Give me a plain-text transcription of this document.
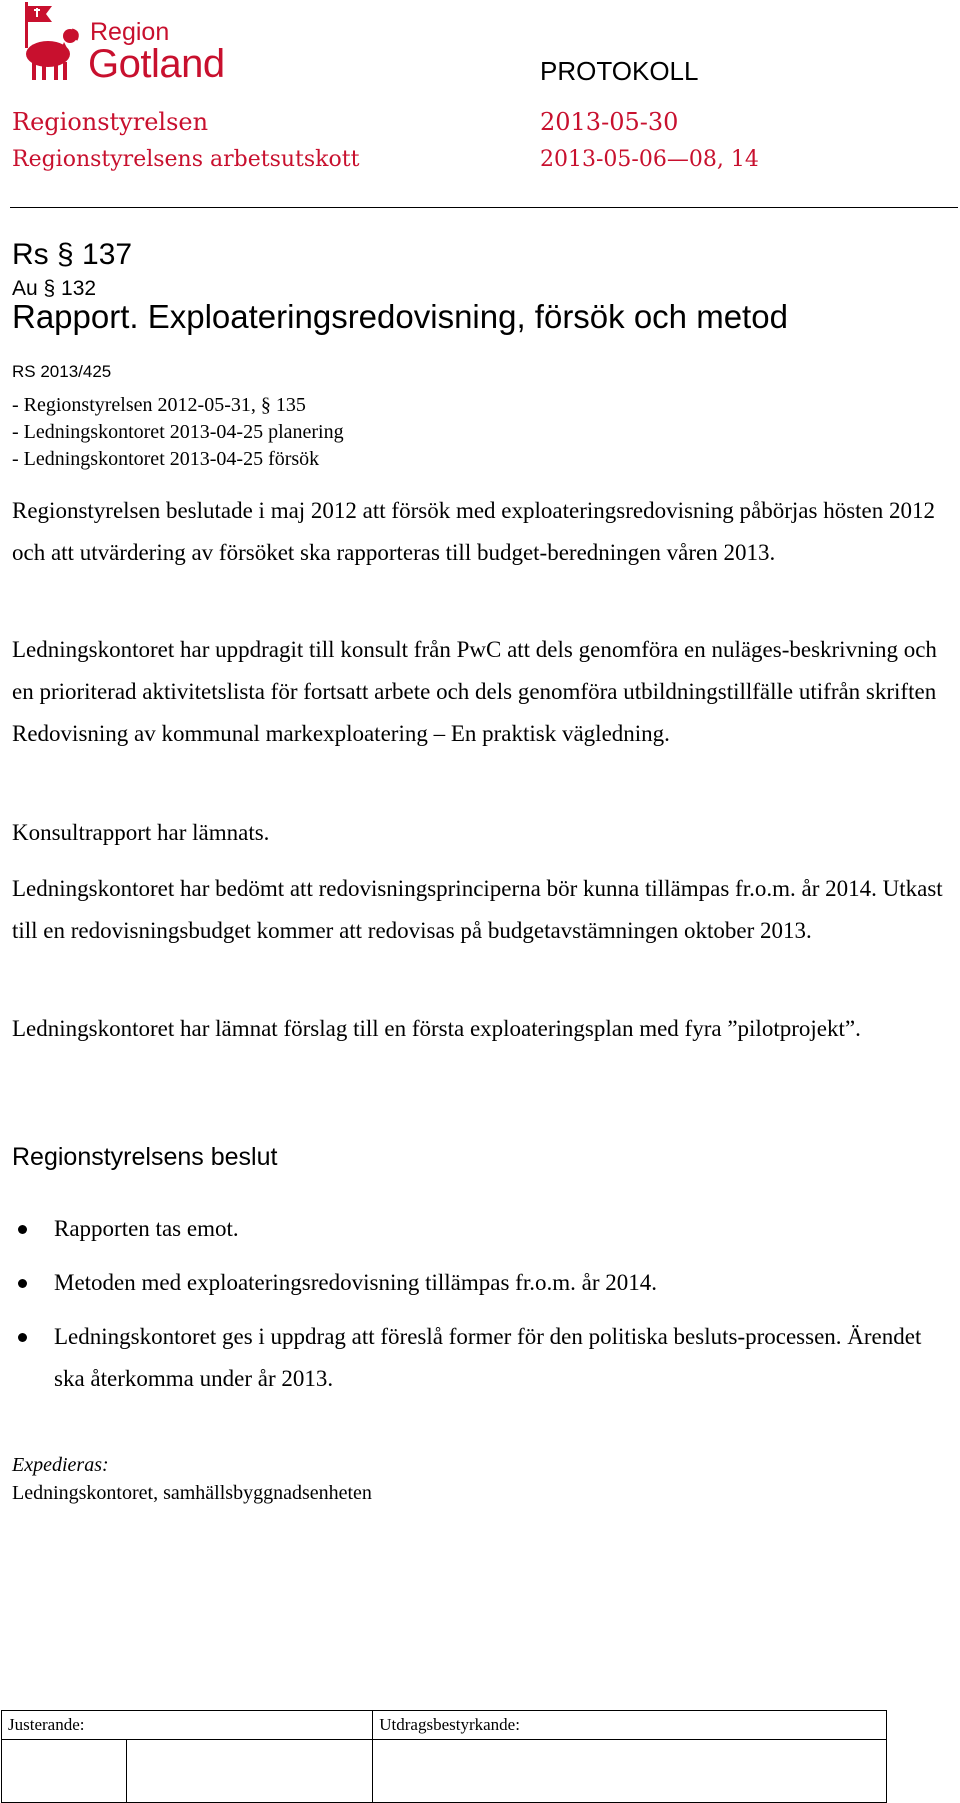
Region
Gotland	PROTOKOLL
Regionstyrelsen	2013-05-30
Regionstyrelsens arbetsutskott	2013-05-06—08, 14
Rs § 137
Au § 132
Rapport. Exploateringsredovisning, försök och metod
RS 2013/425
- Regionstyrelsen 2012-05-31, § 135
- Ledningskontoret 2013-04-25 planering
- Ledningskontoret 2013-04-25 försök

Regionstyrelsen beslutade i maj 2012 att försök med exploateringsredovisning påbörjas hösten 2012 och att utvärdering av försöket ska rapporteras till budget-beredningen våren 2013.

Ledningskontoret har uppdragit till konsult från PwC att dels genomföra en nuläges-beskrivning och en prioriterad aktivitetslista för fortsatt arbete och dels genomföra utbildningstillfälle utifrån skriften Redovisning av kommunal markexploatering – En praktisk vägledning.

Konsultrapport har lämnats.

Ledningskontoret har bedömt att redovisningsprinciperna bör kunna tillämpas fr.o.m. år 2014. Utkast till en redovisningsbudget kommer att redovisas på budgetavstämningen oktober 2013.

Ledningskontoret har lämnat förslag till en första exploateringsplan med fyra ”pilotprojekt”.

Regionstyrelsens beslut
Rapporten tas emot.
Metoden med exploateringsredovisning tillämpas fr.o.m. år 2014.
Ledningskontoret ges i uppdrag att föreslå former för den politiska besluts-processen. Ärendet ska återkomma under år 2013.
Expedieras:
Ledningskontoret, samhällsbyggnadsenheten
Justerande:		Utdragsbestyrkande:
